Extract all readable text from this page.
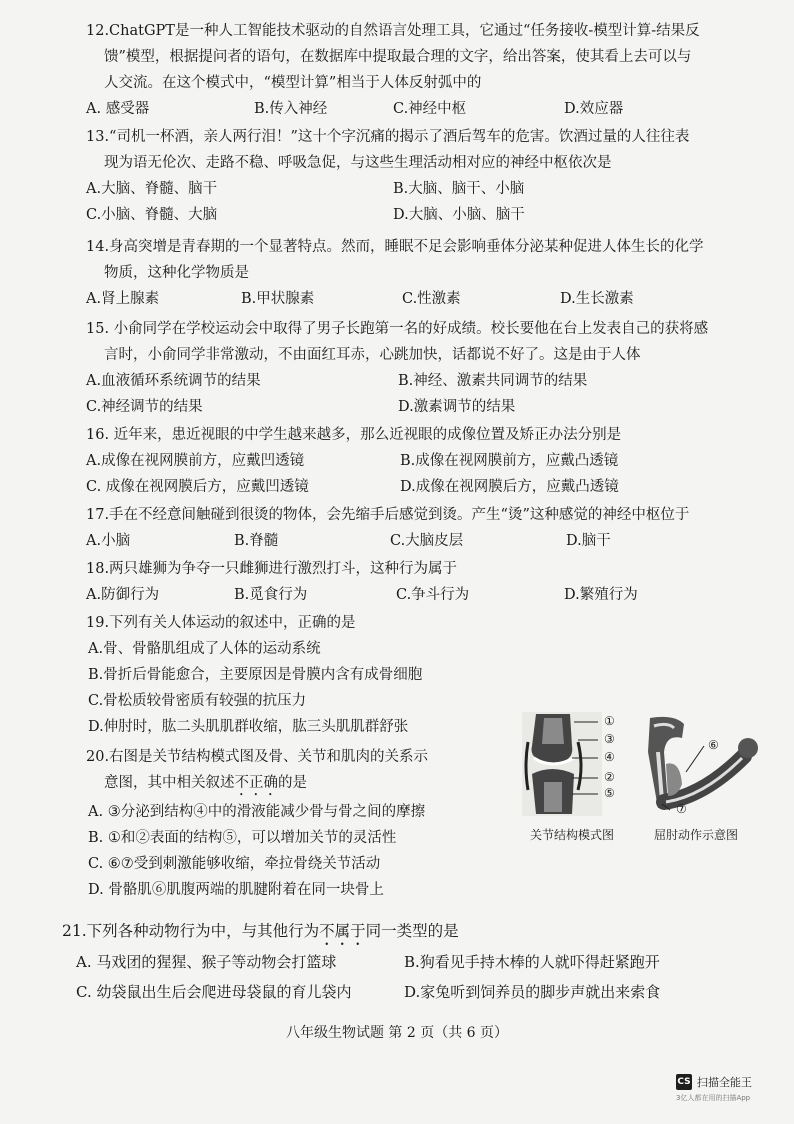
12.ChatGPT是一种人工智能技术驱动的自然语言处理工具，它通过“任务接收-模型计算-结果反
馈”模型，根据提问者的语句，在数据库中提取最合理的文字，给出答案，使其看上去可以与
人交流。在这个模式中，“模型计算”相当于人体反射弧中的
A. 感受器	B.传入神经	C.神经中枢	D.效应器
13.“司机一杯酒，亲人两行泪！”这十个字沉痛的揭示了酒后驾车的危害。饮酒过量的人往往表
现为语无伦次、走路不稳、呼吸急促，与这些生理活动相对应的神经中枢依次是
A.大脑、脊髓、脑干	B.大脑、脑干、小脑
C.小脑、脊髓、大脑	D.大脑、小脑、脑干
14.身高突增是青春期的一个显著特点。然而，睡眠不足会影响垂体分泌某种促进人体生长的化学
物质，这种化学物质是
A.肾上腺素	B.甲状腺素	C.性激素	D.生长激素
15. 小俞同学在学校运动会中取得了男子长跑第一名的好成绩。校长要他在台上发表自己的获将感
言时，小俞同学非常激动，不由面红耳赤，心跳加快，话都说不好了。这是由于人体
A.血液循环系统调节的结果	B.神经、激素共同调节的结果
C.神经调节的结果	D.激素调节的结果
16. 近年来，患近视眼的中学生越来越多，那么近视眼的成像位置及矫正办法分别是
A.成像在视网膜前方，应戴凹透镜	B.成像在视网膜前方，应戴凸透镜
C. 成像在视网膜后方，应戴凹透镜	D.成像在视网膜后方，应戴凸透镜
17.手在不经意间触碰到很烫的物体，会先缩手后感觉到烫。产生“烫”这种感觉的神经中枢位于
A.小脑	B.脊髓	C.大脑皮层	D.脑干
18.两只雄狮为争夺一只雌狮进行激烈打斗，这种行为属于
A.防御行为	B.觅食行为	C.争斗行为	D.繁殖行为
19.下列有关人体运动的叙述中，正确的是
A.骨、骨骼肌组成了人体的运动系统
B.骨折后骨能愈合，主要原因是骨膜内含有成骨细胞
C.骨松质较骨密质有较强的抗压力
D.伸肘时，肱二头肌肌群收缩，肱三头肌肌群舒张
20.右图是关节结构模式图及骨、关节和肌肉的关系示
意图，其中相关叙述不正确的是
A. ③分泌到结构④中的滑液能减少骨与骨之间的摩擦
B. ①和②表面的结构⑤，可以增加关节的灵活性
C. ⑥⑦受到刺激能够收缩，牵拉骨绕关节活动
D. 骨骼肌⑥肌腹两端的肌腱附着在同一块骨上
①
③
④
②
⑤
⑥
⑦
关节结构模式图	屈肘动作示意图
21.下列各种动物行为中，与其他行为不属于同一类型的是
A. 马戏团的猩猩、猴子等动物会打篮球	B.狗看见手持木棒的人就吓得赶紧跑开
C. 幼袋鼠出生后会爬进母袋鼠的育儿袋内	D.家兔听到饲养员的脚步声就出来索食
八年级生物试题 第 2 页（共 6 页）
CS 扫描全能王
3亿人都在用的扫描App
